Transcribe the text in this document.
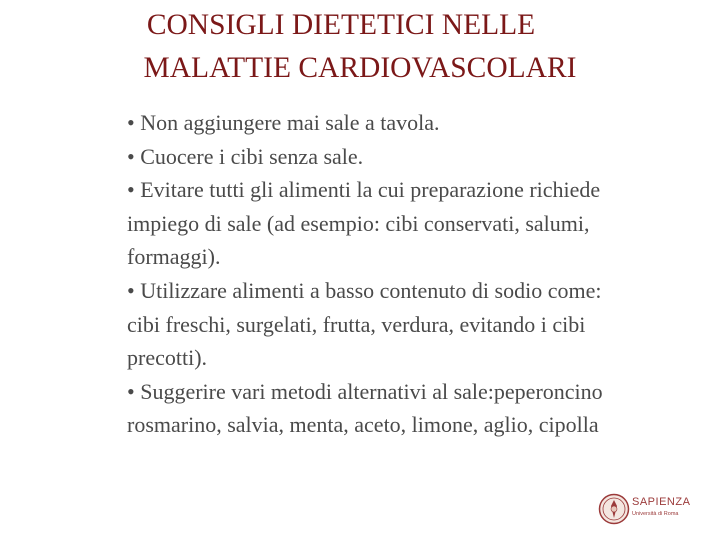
CONSIGLI DIETETICI NELLE
MALATTIE CARDIOVASCOLARI
• Non aggiungere mai sale a tavola.
• Cuocere i cibi senza sale.
• Evitare tutti gli alimenti la cui preparazione richiede
impiego di sale (ad esempio: cibi conservati, salumi,
formaggi).
• Utilizzare alimenti a basso contenuto di sodio come:
cibi freschi, surgelati, frutta, verdura, evitando i cibi
precotti).
• Suggerire vari metodi alternativi al sale:peperoncino
rosmarino, salvia, menta, aceto, limone, aglio, cipolla
SAPIENZA
Università di Roma
